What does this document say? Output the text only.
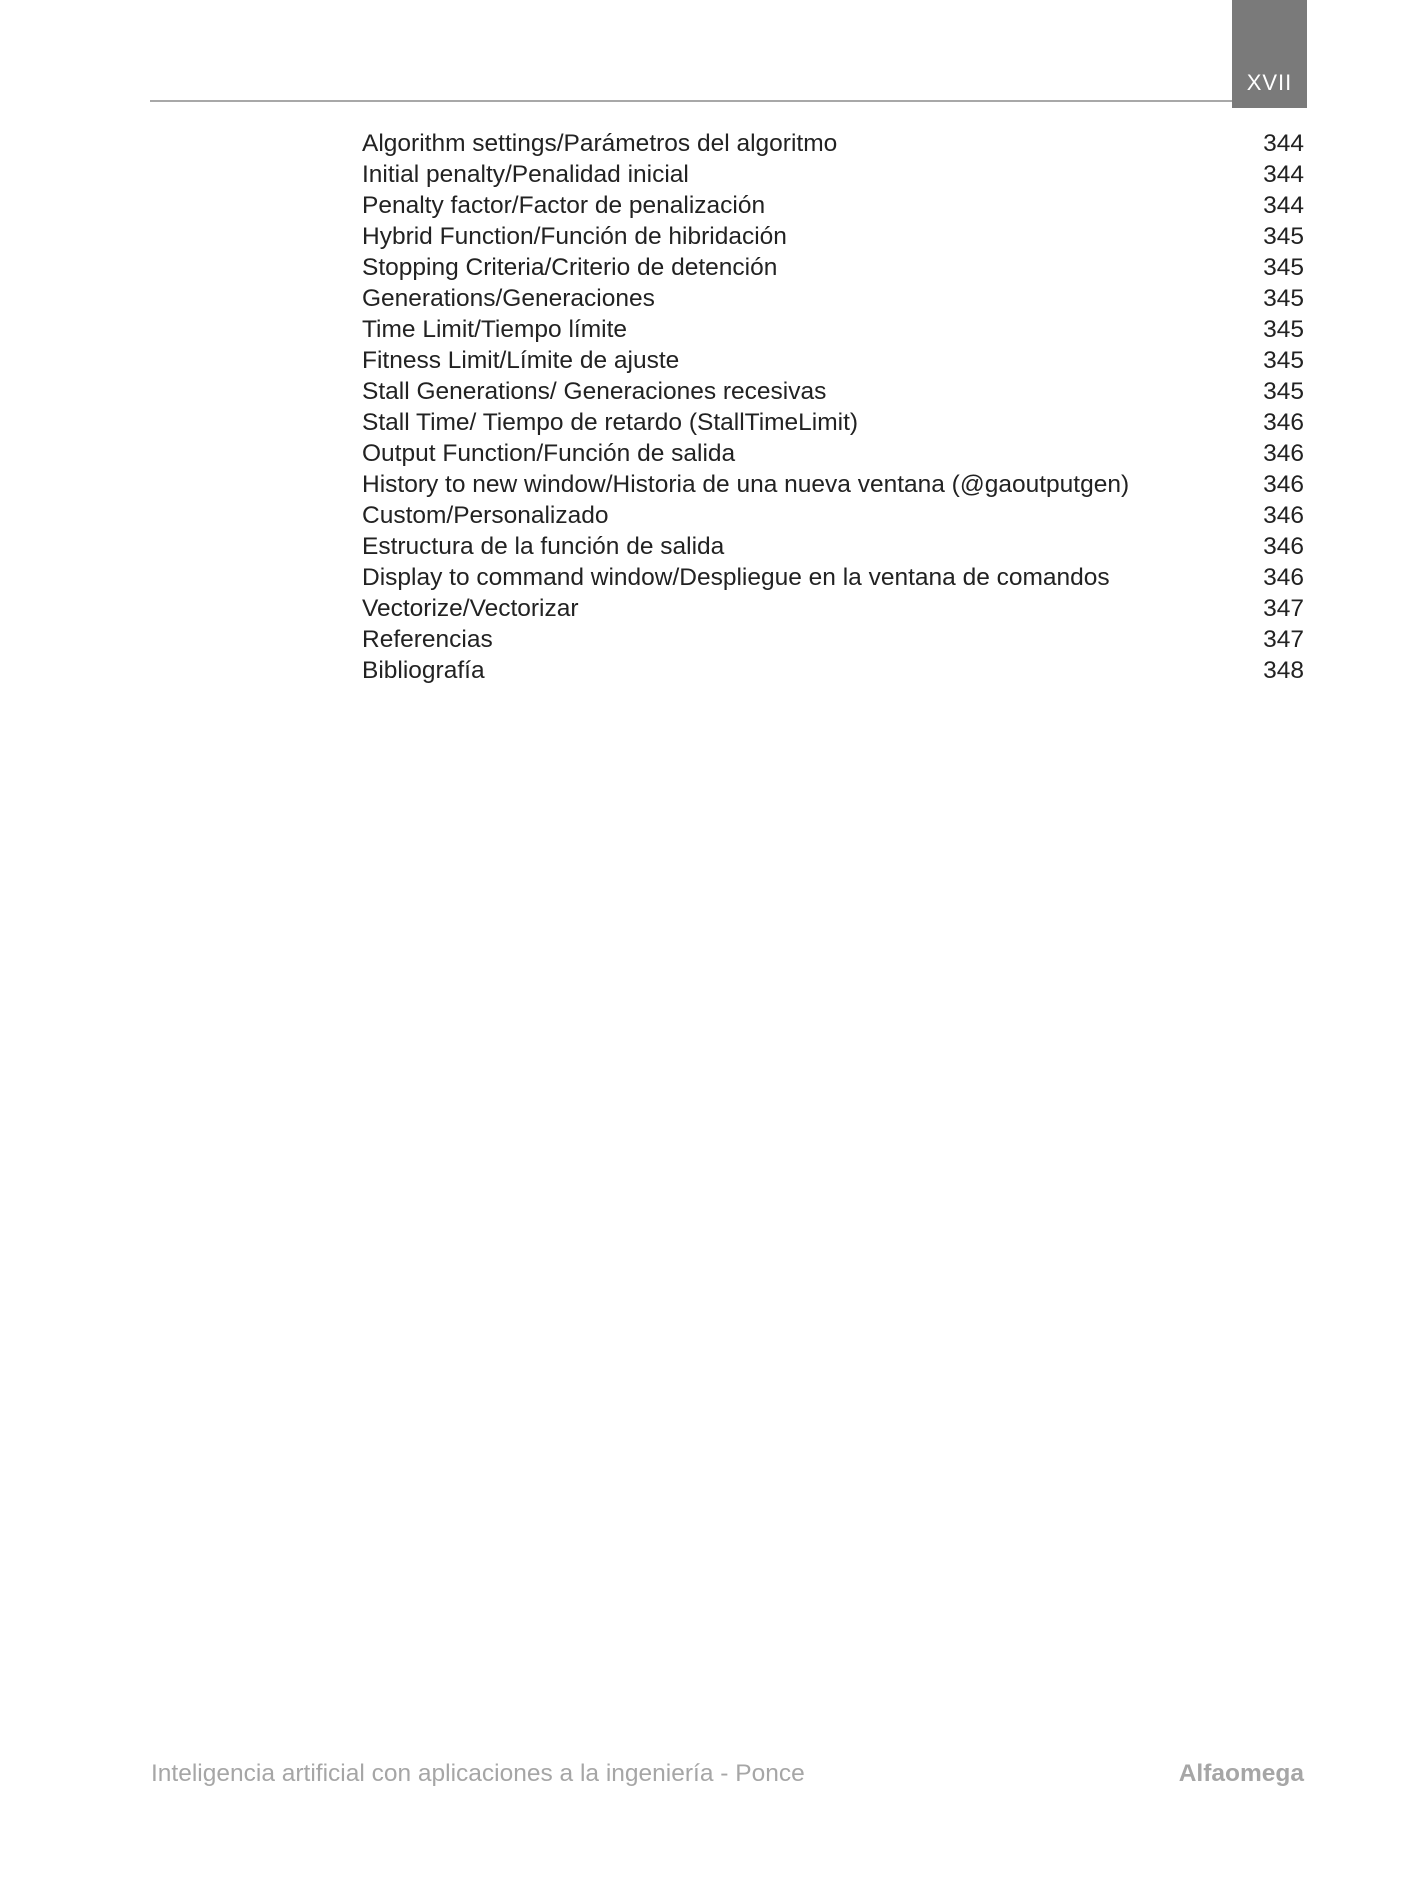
XVII
Algorithm settings/Parámetros del algoritmo	344
Initial penalty/Penalidad inicial	344
Penalty factor/Factor de penalización	344
Hybrid Function/Función de hibridación	345
Stopping Criteria/Criterio de detención	345
Generations/Generaciones	345
Time Limit/Tiempo límite	345
Fitness Limit/Límite de ajuste	345
Stall Generations/ Generaciones recesivas	345
Stall Time/ Tiempo de retardo (StallTimeLimit)	346
Output Function/Función de salida	346
History to new window/Historia de una nueva ventana (@gaoutputgen)	346
Custom/Personalizado	346
Estructura de la función de salida	346
Display to command window/Despliegue en la ventana de comandos	346
Vectorize/Vectorizar	347
Referencias	347
Bibliografía	348
Inteligencia artificial con aplicaciones a la ingeniería - Ponce	Alfaomega
